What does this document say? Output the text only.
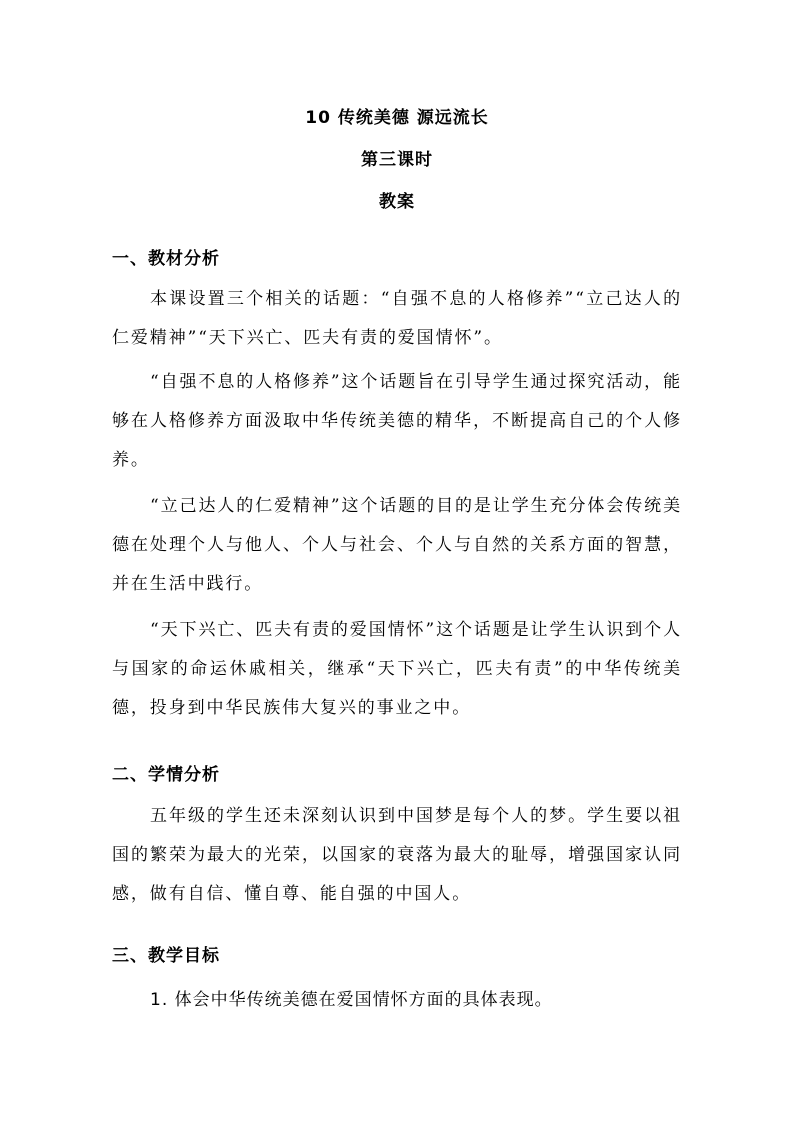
10 传统美德 源远流长
第三课时
教案
一、教材分析
本课设置三个相关的话题：“自强不息的人格修养”“立己达人的仁爱精神”“天下兴亡、匹夫有责的爱国情怀”。
“自强不息的人格修养”这个话题旨在引导学生通过探究活动，能够在人格修养方面汲取中华传统美德的精华，不断提高自己的个人修养。
“立己达人的仁爱精神”这个话题的目的是让学生充分体会传统美德在处理个人与他人、个人与社会、个人与自然的关系方面的智慧，并在生活中践行。
“天下兴亡、匹夫有责的爱国情怀”这个话题是让学生认识到个人与国家的命运休戚相关，继承“天下兴亡，匹夫有责”的中华传统美德，投身到中华民族伟大复兴的事业之中。
二、学情分析
五年级的学生还未深刻认识到中国梦是每个人的梦。学生要以祖国的繁荣为最大的光荣，以国家的衰落为最大的耻辱，增强国家认同感，做有自信、懂自尊、能自强的中国人。
三、教学目标
1. 体会中华传统美德在爱国情怀方面的具体表现。
